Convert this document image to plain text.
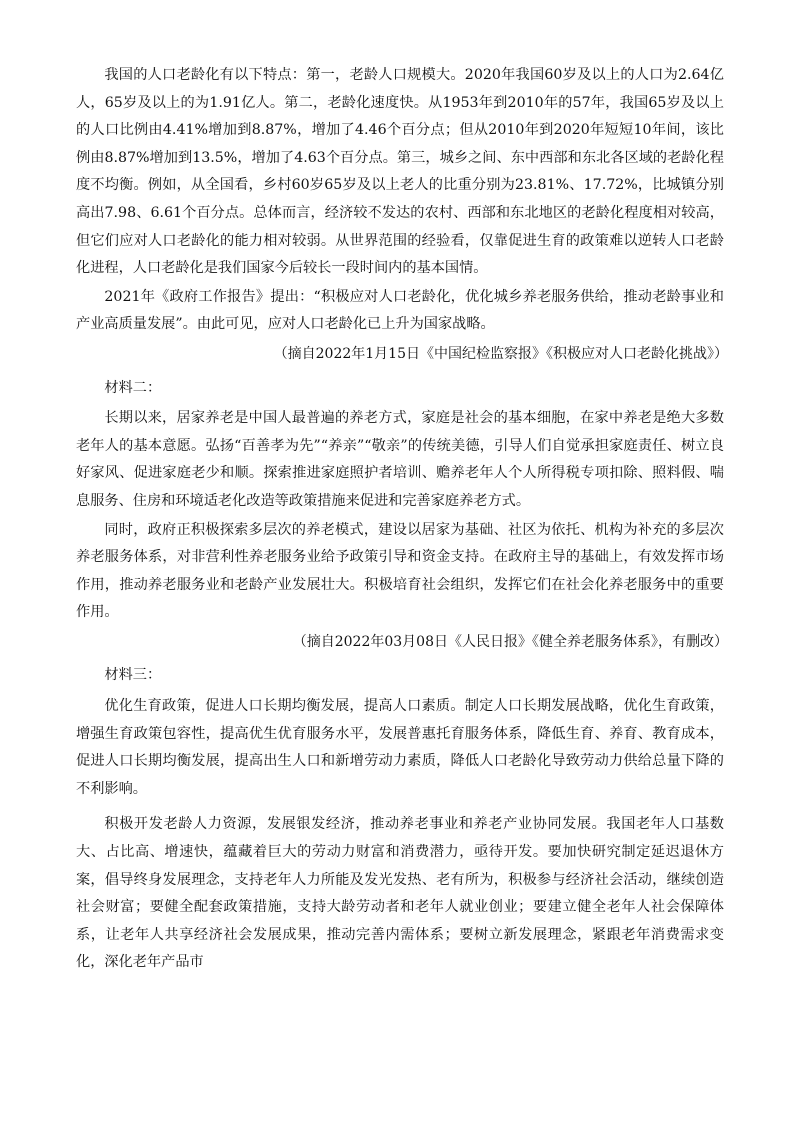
我国的人口老龄化有以下特点：第一，老龄人口规模大。2020年我国60岁及以上的人口为2.64亿人，65岁及以上的为1.91亿人。第二，老龄化速度快。从1953年到2010年的57年，我国65岁及以上的人口比例由4.41%增加到8.87%，增加了4.46个百分点；但从2010年到2020年短短10年间，该比例由8.87%增加到13.5%，增加了4.63个百分点。第三，城乡之间、东中西部和东北各区域的老龄化程度不均衡。例如，从全国看，乡村60岁65岁及以上老人的比重分别为23.81%、17.72%，比城镇分别高出7.98、6.61个百分点。总体而言，经济较不发达的农村、西部和东北地区的老龄化程度相对较高，但它们应对人口老龄化的能力相对较弱。从世界范围的经验看，仅靠促进生育的政策难以逆转人口老龄化进程，人口老龄化是我们国家今后较长一段时间内的基本国情。

2021年《政府工作报告》提出：“积极应对人口老龄化，优化城乡养老服务供给，推动老龄事业和产业高质量发展”。由此可见，应对人口老龄化已上升为国家战略。

（摘自2022年1月15日《中国纪检监察报》《积极应对人口老龄化挑战》）

材料二：

长期以来，居家养老是中国人最普遍的养老方式，家庭是社会的基本细胞，在家中养老是绝大多数老年人的基本意愿。弘扬“百善孝为先”“养亲”“敬亲”的传统美德，引导人们自觉承担家庭责任、树立良好家风、促进家庭老少和顺。探索推进家庭照护者培训、赡养老年人个人所得税专项扣除、照料假、喘息服务、住房和环境适老化改造等政策措施来促进和完善家庭养老方式。

同时，政府正积极探索多层次的养老模式，建设以居家为基础、社区为依托、机构为补充的多层次养老服务体系，对非营利性养老服务业给予政策引导和资金支持。在政府主导的基础上，有效发挥市场作用，推动养老服务业和老龄产业发展壮大。积极培育社会组织，发挥它们在社会化养老服务中的重要作用。

（摘自2022年03月08日《人民日报》《健全养老服务体系》，有删改）

材料三：

优化生育政策，促进人口长期均衡发展，提高人口素质。制定人口长期发展战略，优化生育政策，增强生育政策包容性，提高优生优育服务水平，发展普惠托育服务体系，降低生育、养育、教育成本，促进人口长期均衡发展，提高出生人口和新增劳动力素质，降低人口老龄化导致劳动力供给总量下降的不利影响。

积极开发老龄人力资源，发展银发经济，推动养老事业和养老产业协同发展。我国老年人口基数大、占比高、增速快，蕴藏着巨大的劳动力财富和消费潜力，亟待开发。要加快研究制定延迟退休方案，倡导终身发展理念，支持老年人力所能及发光发热、老有所为，积极参与经济社会活动，继续创造社会财富；要健全配套政策措施，支持大龄劳动者和老年人就业创业；要建立健全老年人社会保障体系，让老年人共享经济社会发展成果，推动完善内需体系；要树立新发展理念，紧跟老年消费需求变化，深化老年产品市
